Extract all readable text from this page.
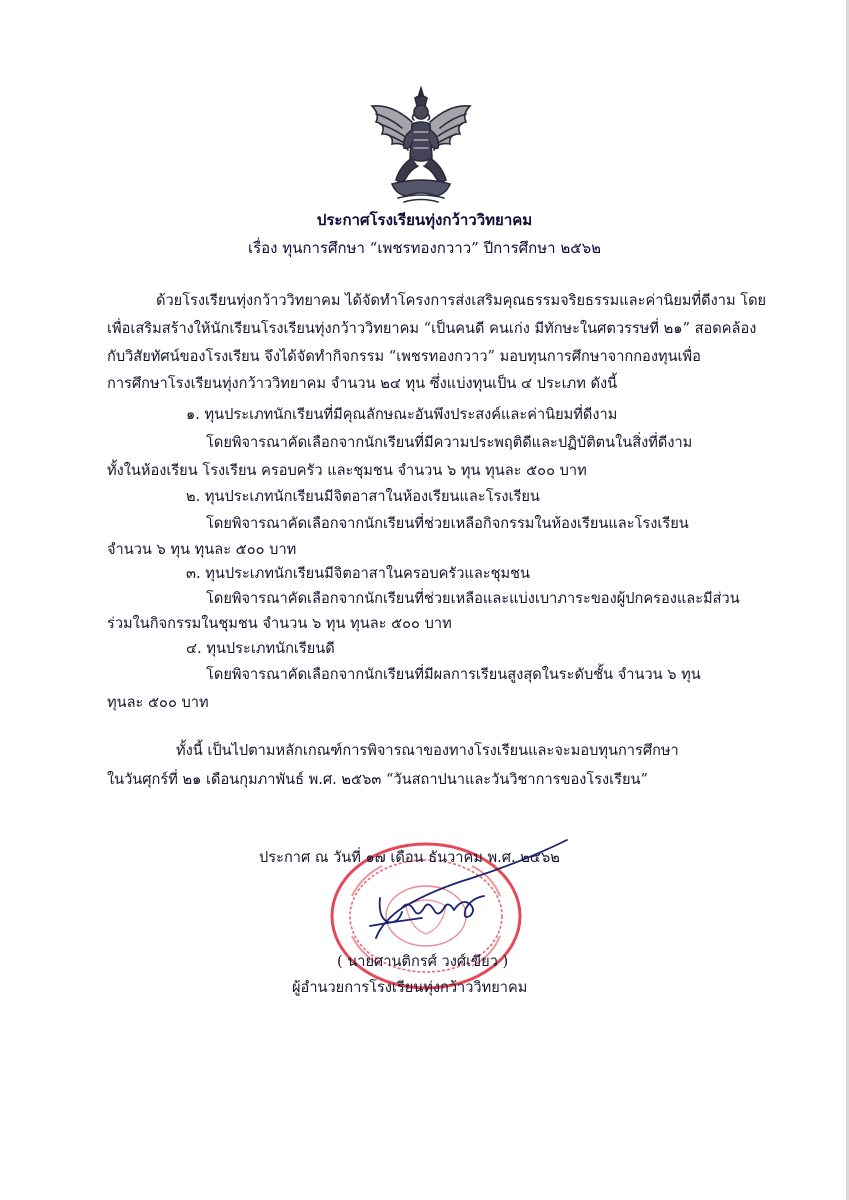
ประกาศโรงเรียนทุ่งกว้าววิทยาคม
เรื่อง ทุนการศึกษา “เพชรทองกวาว” ปีการศึกษา ๒๕๖๒
ด้วยโรงเรียนทุ่งกว้าววิทยาคม ได้จัดทำโครงการส่งเสริมคุณธรรมจริยธรรมและค่านิยมที่ดีงาม โดย
เพื่อเสริมสร้างให้นักเรียนโรงเรียนทุ่งกว้าววิทยาคม “เป็นคนดี คนเก่ง มีทักษะในศตวรรษที่ ๒๑” สอดคล้อง
กับวิสัยทัศน์ของโรงเรียน จึงได้จัดทำกิจกรรม “เพชรทองกวาว” มอบทุนการศึกษาจากกองทุนเพื่อ
การศึกษาโรงเรียนทุ่งกว้าววิทยาคม จำนวน ๒๔ ทุน ซึ่งแบ่งทุนเป็น ๔ ประเภท ดังนี้
๑. ทุนประเภทนักเรียนที่มีคุณลักษณะอันพึงประสงค์และค่านิยมที่ดีงาม
โดยพิจารณาคัดเลือกจากนักเรียนที่มีความประพฤติดีและปฏิบัติตนในสิ่งที่ดีงาม
ทั้งในห้องเรียน โรงเรียน ครอบครัว และชุมชน จำนวน ๖ ทุน ทุนละ ๕๐๐ บาท
๒. ทุนประเภทนักเรียนมีจิตอาสาในห้องเรียนและโรงเรียน
โดยพิจารณาคัดเลือกจากนักเรียนที่ช่วยเหลือกิจกรรมในห้องเรียนและโรงเรียน
จำนวน ๖ ทุน ทุนละ ๕๐๐ บาท
๓. ทุนประเภทนักเรียนมีจิตอาสาในครอบครัวและชุมชน
โดยพิจารณาคัดเลือกจากนักเรียนที่ช่วยเหลือและแบ่งเบาภาระของผู้ปกครองและมีส่วน
ร่วมในกิจกรรมในชุมชน จำนวน ๖ ทุน ทุนละ ๕๐๐ บาท
๔. ทุนประเภทนักเรียนดี
โดยพิจารณาคัดเลือกจากนักเรียนที่มีผลการเรียนสูงสุดในระดับชั้น จำนวน ๖ ทุน
ทุนละ ๕๐๐ บาท
ทั้งนี้ เป็นไปตามหลักเกณฑ์การพิจารณาของทางโรงเรียนและจะมอบทุนการศึกษา
ในวันศุกร์ที่ ๒๑ เดือนกุมภาพันธ์ พ.ศ. ๒๕๖๓ “วันสถาปนาและวันวิชาการของโรงเรียน”
ประกาศ ณ วันที่ ๑๗ เดือน ธันวาคม พ.ศ. ๒๕๖๒
( นายศานติกรศ์ วงศ์เขียว )
ผู้อำนวยการโรงเรียนทุ่งกว้าววิทยาคม
